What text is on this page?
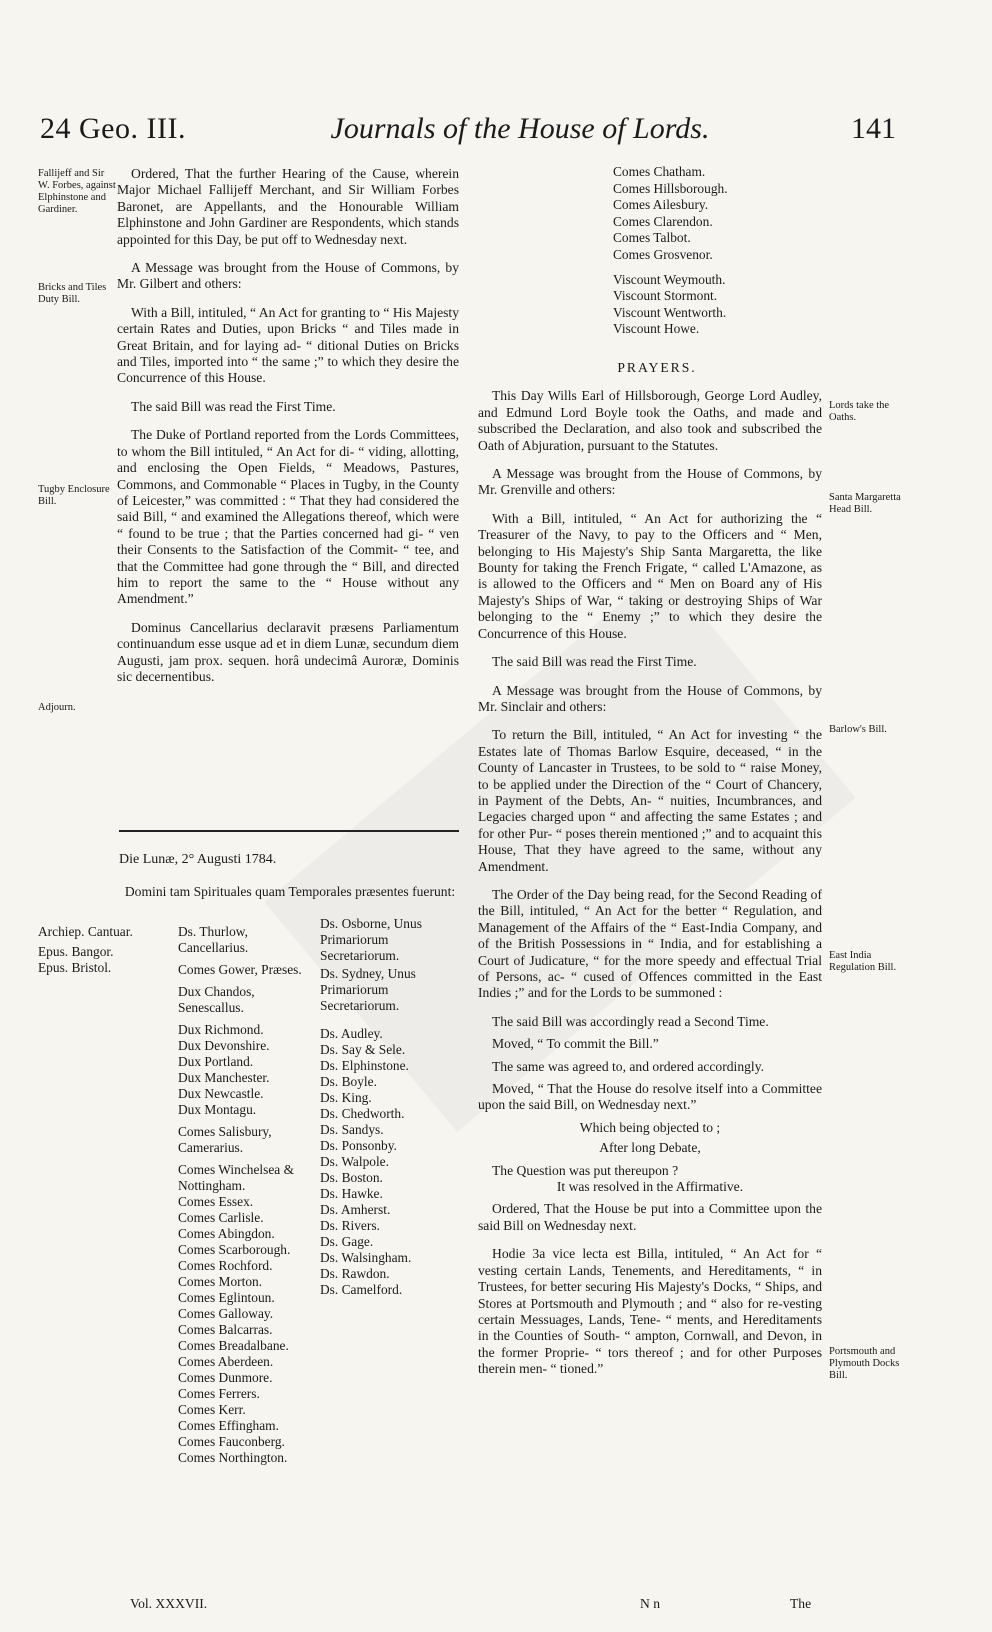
24 Geo. III.	Journals of the House of Lords.	141
Fallijeff and Sir W. Forbes, against Elphinstone and Gardiner.
Bricks and Tiles Duty Bill.
Tugby Enclosure Bill.
Adjourn.

Ordered, That the further Hearing of the Cause, wherein Major Michael Fallijeff Merchant, and Sir William Forbes Baronet, are Appellants, and the Honourable William Elphinstone and John Gardiner are Respondents, which stands appointed for this Day, be put off to Wednesday next.

A Message was brought from the House of Commons, by Mr. Gilbert and others:

With a Bill, intituled, “ An Act for granting to “ His Majesty certain Rates and Duties, upon Bricks “ and Tiles made in Great Britain, and for laying ad- “ ditional Duties on Bricks and Tiles, imported into “ the same ;” to which they desire the Concurrence of this House.

The said Bill was read the First Time.

The Duke of Portland reported from the Lords Committees, to whom the Bill intituled, “ An Act for di- “ viding, allotting, and enclosing the Open Fields, “ Meadows, Pastures, Commons, and Commonable “ Places in Tugby, in the County of Leicester,” was committed : “ That they had considered the said Bill, “ and examined the Allegations thereof, which were “ found to be true ; that the Parties concerned had gi- “ ven their Consents to the Satisfaction of the Commit- “ tee, and that the Committee had gone through the “ Bill, and directed him to report the same to the “ House without any Amendment.”

Dominus Cancellarius declaravit præsens Parliamentum continuandum esse usque ad et in diem Lunæ, secundum diem Augusti, jam prox. sequen. horâ undecimâ Auroræ, Dominis sic decernentibus.

Die Lunæ, 2° Augusti 1784.
Domini tam Spirituales quam Temporales præsentes fuerunt:
Archiep. Cantuar.
Epus. Bangor.
Epus. Bristol.
Ds. Thurlow, Cancellarius.
Comes Gower, Præses.
Dux Chandos, Senescallus.
Dux Richmond.
Dux Devonshire.
Dux Portland.
Dux Manchester.
Dux Newcastle.
Dux Montagu.
Comes Salisbury, Camerarius.
Comes Winchelsea & Nottingham.
Comes Essex.
Comes Carlisle.
Comes Abingdon.
Comes Scarborough.
Comes Rochford.
Comes Morton.
Comes Eglintoun.
Comes Galloway.
Comes Balcarras.
Comes Breadalbane.
Comes Aberdeen.
Comes Dunmore.
Comes Ferrers.
Comes Kerr.
Comes Effingham.
Comes Fauconberg.
Comes Northington.
Ds. Osborne, Unus Primariorum Secretariorum.
Ds. Sydney, Unus Primariorum Secretariorum.
Ds. Audley.
Ds. Say & Sele.
Ds. Elphinstone.
Ds. Boyle.
Ds. King.
Ds. Chedworth.
Ds. Sandys.
Ds. Ponsonby.
Ds. Walpole.
Ds. Boston.
Ds. Hawke.
Ds. Amherst.
Ds. Rivers.
Ds. Gage.
Ds. Walsingham.
Ds. Rawdon.
Ds. Camelford.
Comes Chatham.
Comes Hillsborough.
Comes Ailesbury.
Comes Clarendon.
Comes Talbot.
Comes Grosvenor.
Viscount Weymouth.
Viscount Stormont.
Viscount Wentworth.
Viscount Howe.
Lords take the Oaths.
Santa Margaretta Head Bill.
Barlow's Bill.
East India Regulation Bill.
Portsmouth and Plymouth Docks Bill.

PRAYERS.

This Day Wills Earl of Hillsborough, George Lord Audley, and Edmund Lord Boyle took the Oaths, and made and subscribed the Declaration, and also took and subscribed the Oath of Abjuration, pursuant to the Statutes.

A Message was brought from the House of Commons, by Mr. Grenville and others:

With a Bill, intituled, “ An Act for authorizing the “ Treasurer of the Navy, to pay to the Officers and “ Men, belonging to His Majesty's Ship Santa Margaretta, the like Bounty for taking the French Frigate, “ called L'Amazone, as is allowed to the Officers and “ Men on Board any of His Majesty's Ships of War, “ taking or destroying Ships of War belonging to the “ Enemy ;” to which they desire the Concurrence of this House.

The said Bill was read the First Time.

A Message was brought from the House of Commons, by Mr. Sinclair and others:

To return the Bill, intituled, “ An Act for investing “ the Estates late of Thomas Barlow Esquire, deceased, “ in the County of Lancaster in Trustees, to be sold to “ raise Money, to be applied under the Direction of the “ Court of Chancery, in Payment of the Debts, An- “ nuities, Incumbrances, and Legacies charged upon “ and affecting the same Estates ; and for other Pur- “ poses therein mentioned ;” and to acquaint this House, That they have agreed to the same, without any Amendment.

The Order of the Day being read, for the Second Reading of the Bill, intituled, “ An Act for the better “ Regulation, and Management of the Affairs of the “ East-India Company, and of the British Possessions in “ India, and for establishing a Court of Judicature, “ for the more speedy and effectual Trial of Persons, ac- “ cused of Offences committed in the East Indies ;” and for the Lords to be summoned :

The said Bill was accordingly read a Second Time.

Moved, “ To commit the Bill.”

The same was agreed to, and ordered accordingly.

Moved, “ That the House do resolve itself into a Committee upon the said Bill, on Wednesday next.”

Which being objected to ;

After long Debate,

The Question was put thereupon ?

It was resolved in the Affirmative.

Ordered, That the House be put into a Committee upon the said Bill on Wednesday next.

Hodie 3a vice lecta est Billa, intituled, “ An Act for “ vesting certain Lands, Tenements, and Hereditaments, “ in Trustees, for better securing His Majesty's Docks, “ Ships, and Stores at Portsmouth and Plymouth ; and “ also for re-vesting certain Messuages, Lands, Tene- “ ments, and Hereditaments in the Counties of South- “ ampton, Cornwall, and Devon, in the former Proprie- “ tors thereof ; and for other Purposes therein men- “ tioned.”

Vol. XXXVII.	N n	The
